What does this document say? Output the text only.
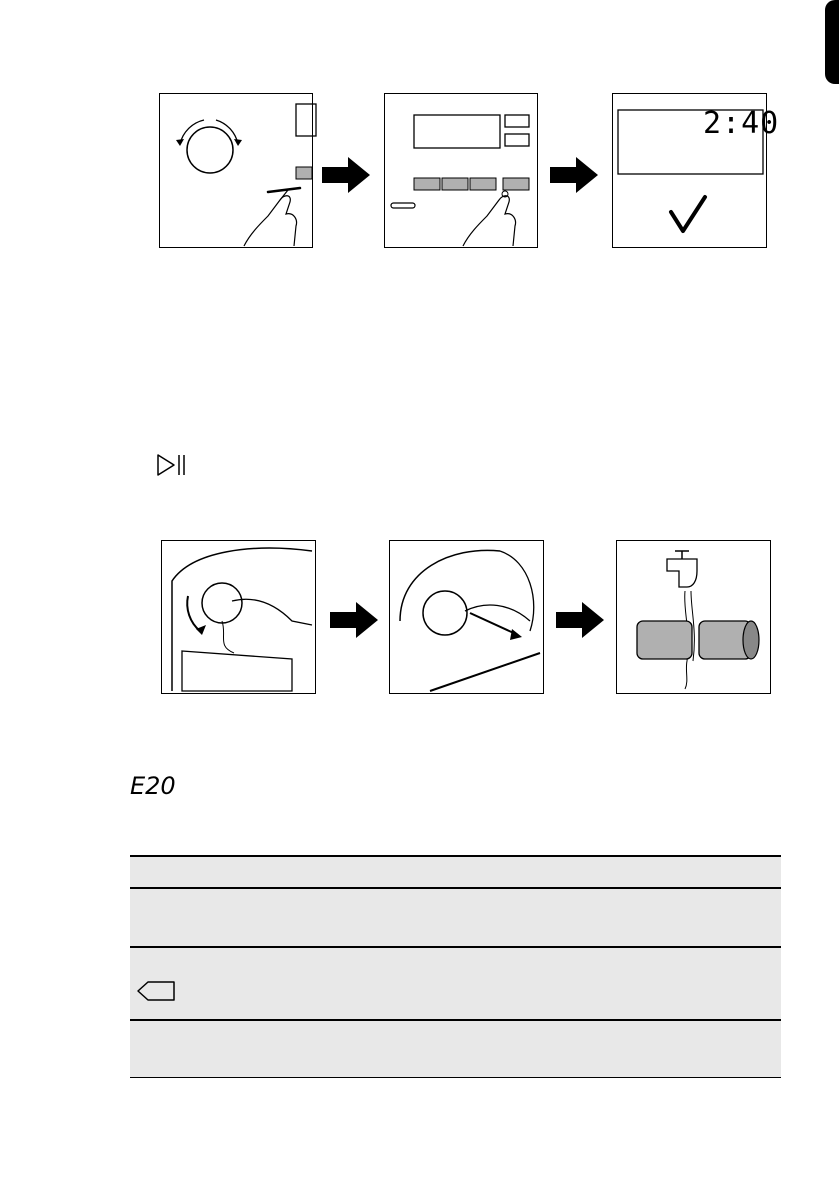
2:40
E20
